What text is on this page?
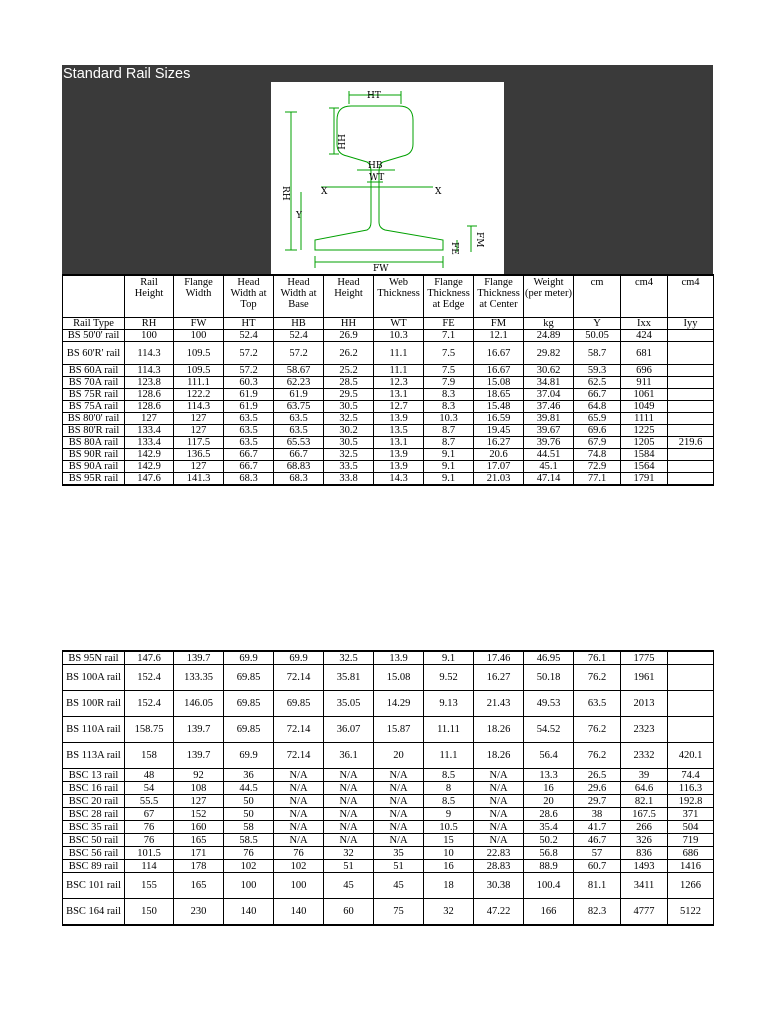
Standard Rail Sizes
HT
HH
HB
WT
RH	X	X
Y
FE
FM
FW
	Rail Height	Flange Width	Head Width at Top	Head Width at Base	Head Height	Web Thickness	Flange Thickness at Edge	Flange Thickness at Center	Weight (per meter)	cm	cm4	cm4
Rail Type	RH	FW	HT	HB	HH	WT	FE	FM	kg	Y	Ixx	Iyy
BS 50'0' rail	100	100	52.4	52.4	26.9	10.3	7.1	12.1	24.89	50.05	424	
BS 60'R' rail	114.3	109.5	57.2	57.2	26.2	11.1	7.5	16.67	29.82	58.7	681	
BS 60A rail	114.3	109.5	57.2	58.67	25.2	11.1	7.5	16.67	30.62	59.3	696	
BS 70A rail	123.8	111.1	60.3	62.23	28.5	12.3	7.9	15.08	34.81	62.5	911	
BS 75R rail	128.6	122.2	61.9	61.9	29.5	13.1	8.3	18.65	37.04	66.7	1061	
BS 75A rail	128.6	114.3	61.9	63.75	30.5	12.7	8.3	15.48	37.46	64.8	1049	
BS 80'0' rail	127	127	63.5	63.5	32.5	13.9	10.3	16.59	39.81	65.9	1111	
BS 80'R rail	133.4	127	63.5	63.5	30.2	13.5	8.7	19.45	39.67	69.6	1225	
BS 80A rail	133.4	117.5	63.5	65.53	30.5	13.1	8.7	16.27	39.76	67.9	1205	219.6
BS 90R rail	142.9	136.5	66.7	66.7	32.5	13.9	9.1	20.6	44.51	74.8	1584	
BS 90A rail	142.9	127	66.7	68.83	33.5	13.9	9.1	17.07	45.1	72.9	1564	
BS 95R rail	147.6	141.3	68.3	68.3	33.8	14.3	9.1	21.03	47.14	77.1	1791	
BS 95N rail	147.6	139.7	69.9	69.9	32.5	13.9	9.1	17.46	46.95	76.1	1775	
BS 100A rail	152.4	133.35	69.85	72.14	35.81	15.08	9.52	16.27	50.18	76.2	1961	
BS 100R rail	152.4	146.05	69.85	69.85	35.05	14.29	9.13	21.43	49.53	63.5	2013	
BS 110A rail	158.75	139.7	69.85	72.14	36.07	15.87	11.11	18.26	54.52	76.2	2323	
BS 113A rail	158	139.7	69.9	72.14	36.1	20	11.1	18.26	56.4	76.2	2332	420.1
BSC 13 rail	48	92	36	N/A	N/A	N/A	8.5	N/A	13.3	26.5	39	74.4
BSC 16 rail	54	108	44.5	N/A	N/A	N/A	8	N/A	16	29.6	64.6	116.3
BSC 20 rail	55.5	127	50	N/A	N/A	N/A	8.5	N/A	20	29.7	82.1	192.8
BSC 28 rail	67	152	50	N/A	N/A	N/A	9	N/A	28.6	38	167.5	371
BSC 35 rail	76	160	58	N/A	N/A	N/A	10.5	N/A	35.4	41.7	266	504
BSC 50 rail	76	165	58.5	N/A	N/A	N/A	15	N/A	50.2	46.7	326	719
BSC 56 rail	101.5	171	76	76	32	35	10	22.83	56.8	57	836	686
BSC 89 rail	114	178	102	102	51	51	16	28.83	88.9	60.7	1493	1416
BSC 101 rail	155	165	100	100	45	45	18	30.38	100.4	81.1	3411	1266
BSC 164 rail	150	230	140	140	60	75	32	47.22	166	82.3	4777	5122
